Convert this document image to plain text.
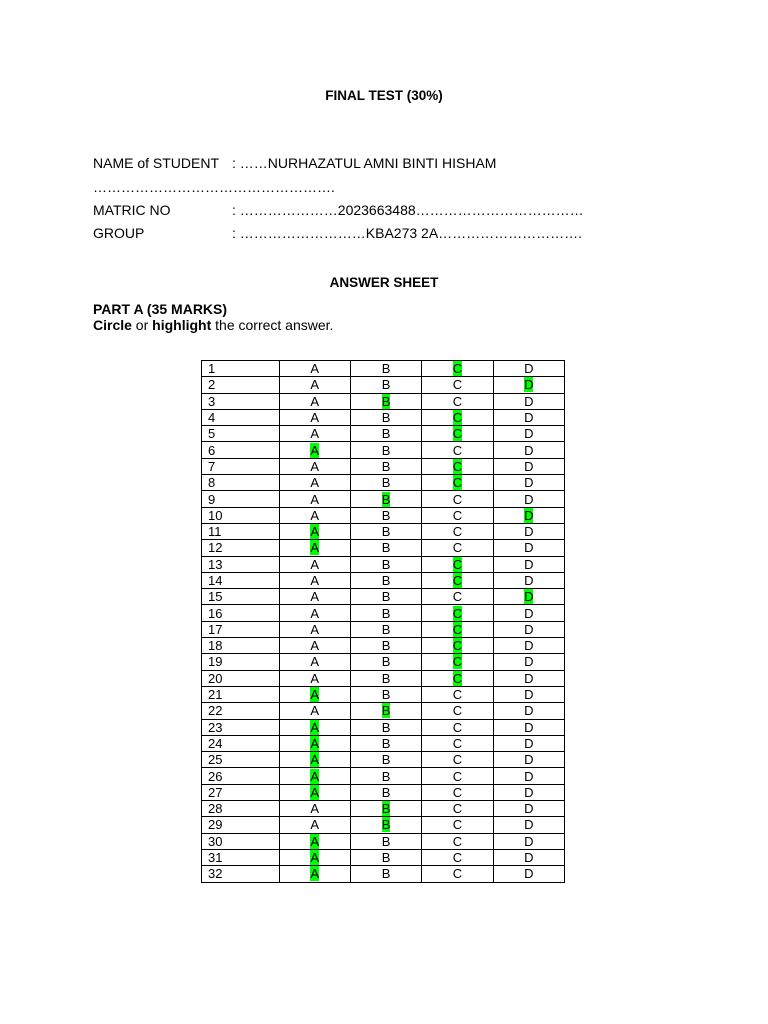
FINAL TEST (30%)
NAME of STUDENT : ……NURHAZATUL AMNI BINTI HISHAM
…………………………………………….
MATRIC NO	: …………………2023663488………………………………
GROUP	: ………………………KBA273 2A………………………….
ANSWER SHEET
PART A (35 MARKS)
Circle or highlight the correct answer.
1	A	B	C	D
2	A	B	C	D
3	A	B	C	D
4	A	B	C	D
5	A	B	C	D
6	A	B	C	D
7	A	B	C	D
8	A	B	C	D
9	A	B	C	D
10	A	B	C	D
11	A	B	C	D
12	A	B	C	D
13	A	B	C	D
14	A	B	C	D
15	A	B	C	D
16	A	B	C	D
17	A	B	C	D
18	A	B	C	D
19	A	B	C	D
20	A	B	C	D
21	A	B	C	D
22	A	B	C	D
23	A	B	C	D
24	A	B	C	D
25	A	B	C	D
26	A	B	C	D
27	A	B	C	D
28	A	B	C	D
29	A	B	C	D
30	A	B	C	D
31	A	B	C	D
32	A	B	C	D
